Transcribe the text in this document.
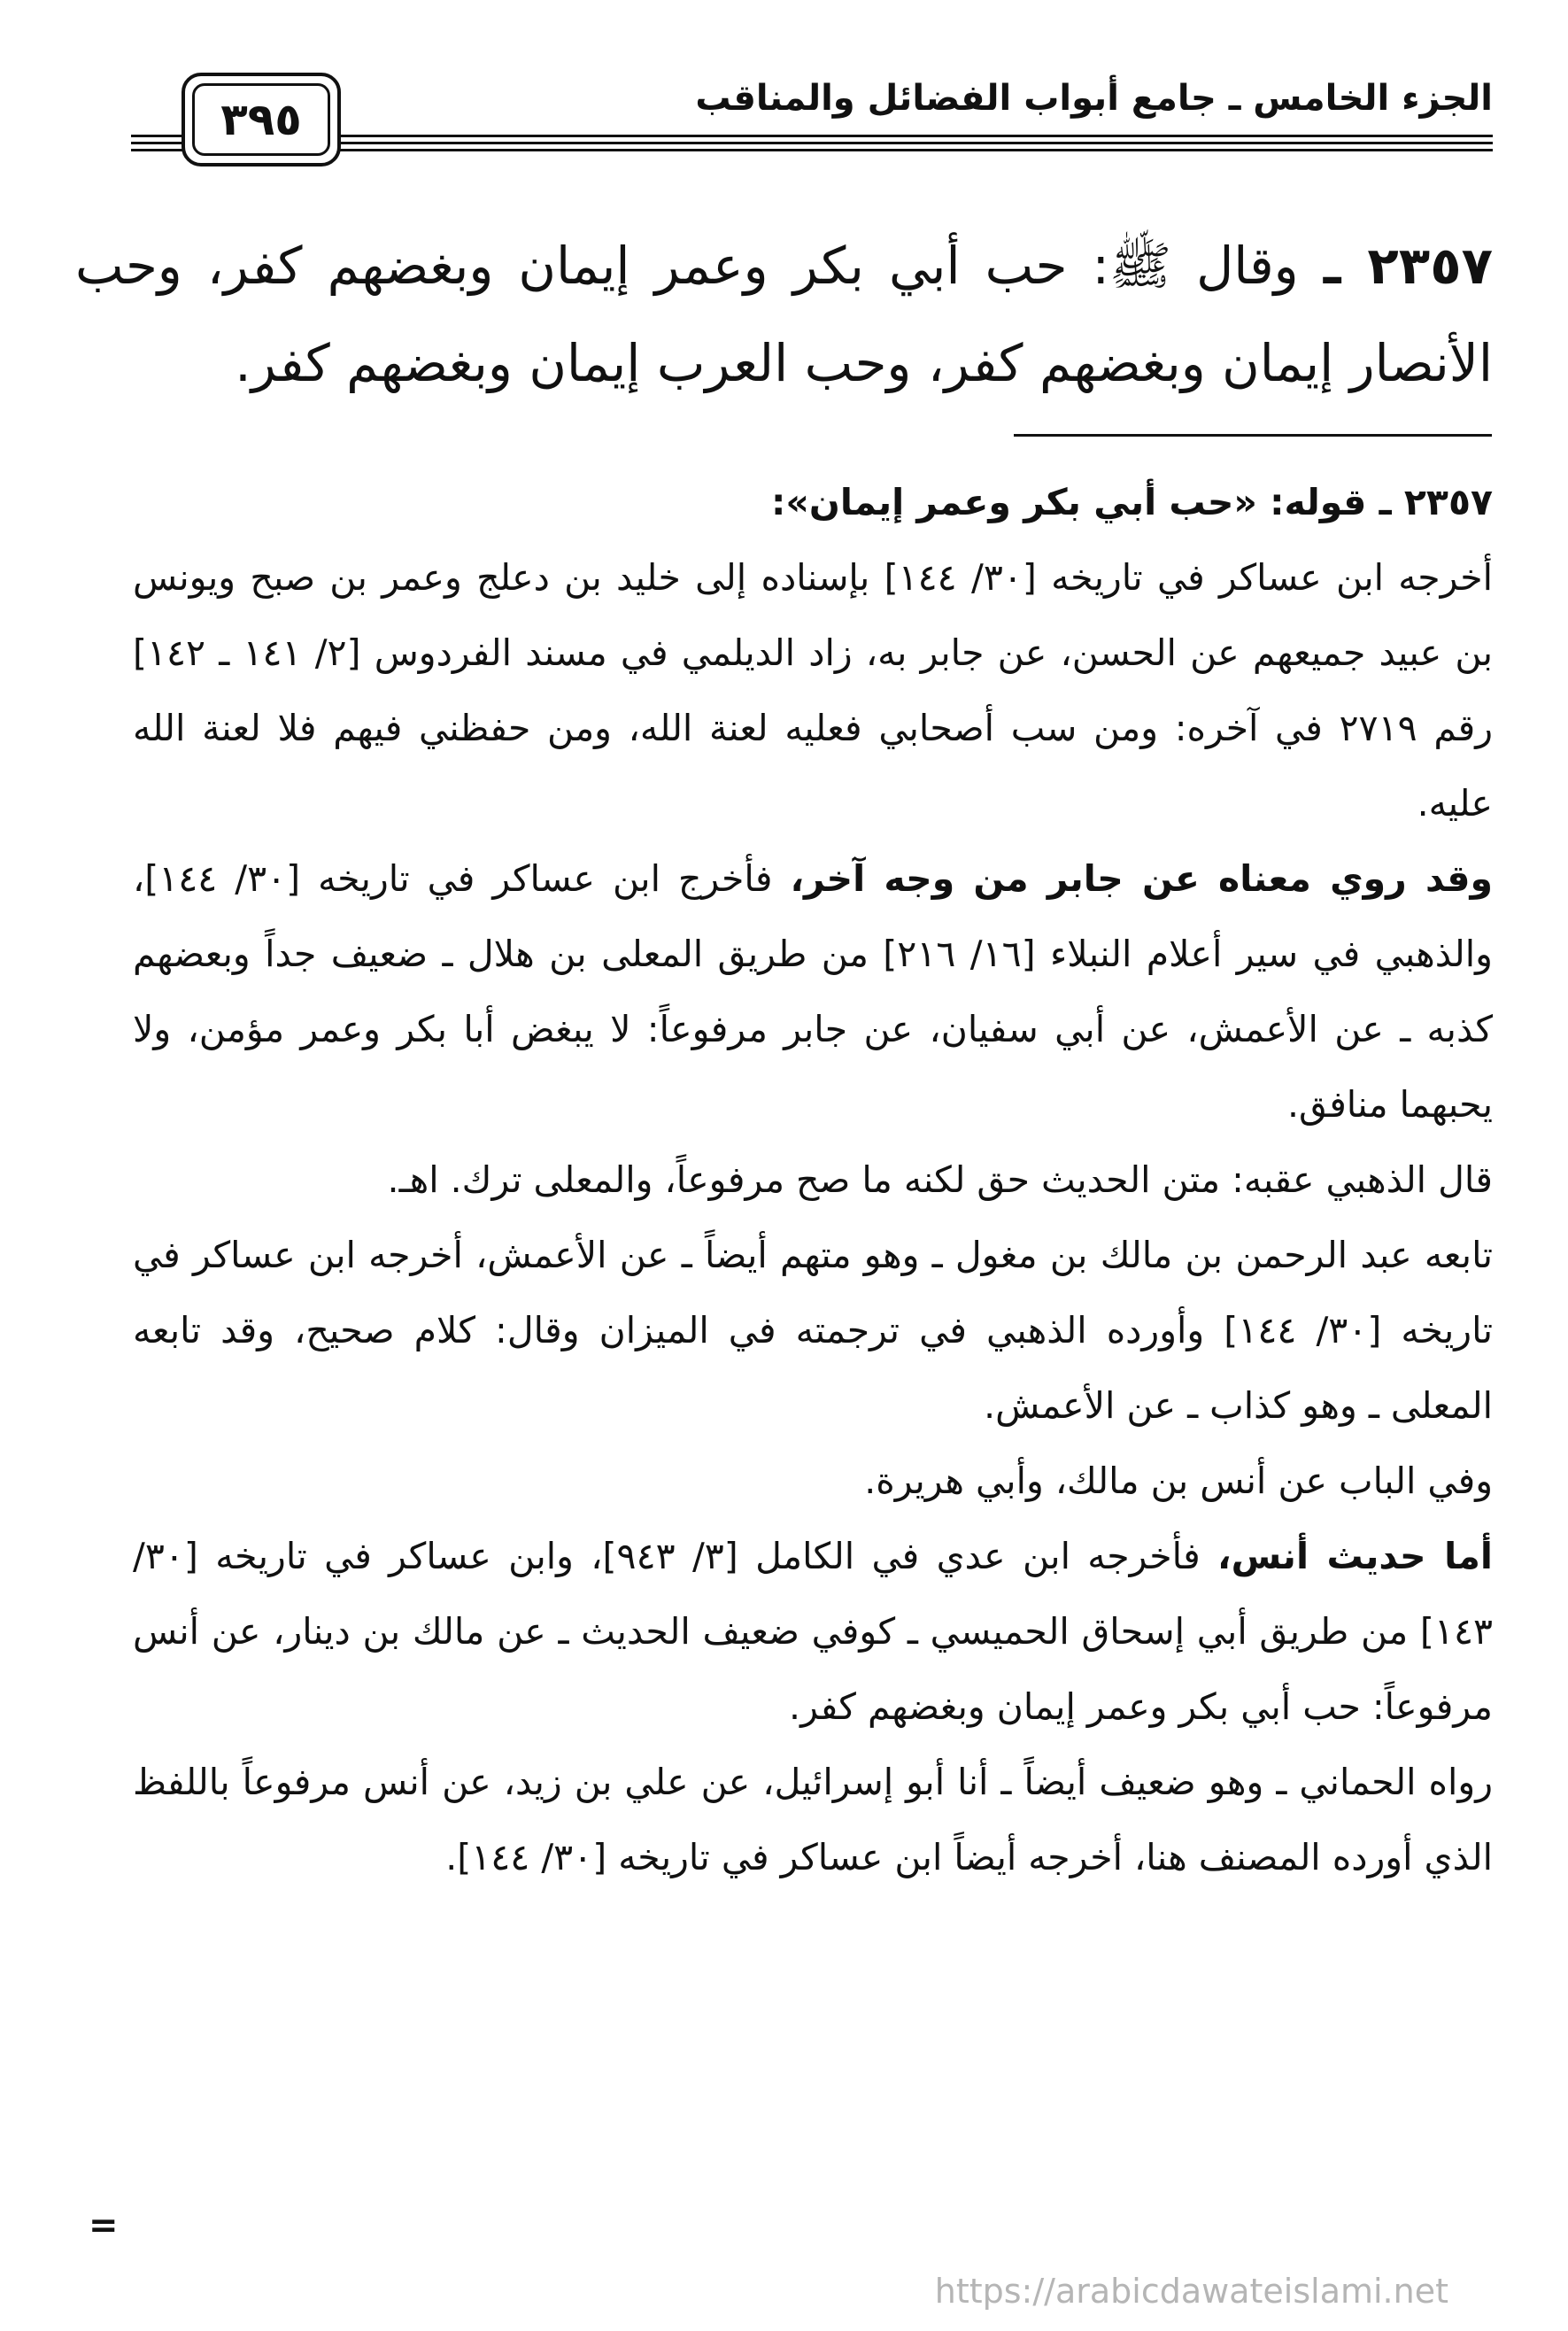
الجزء الخامس ـ جامع أبواب الفضائل والمناقب
٣٩٥
٢٣٥٧ ـ وقال ﷺ: حب أبي بكر وعمر إيمان وبغضهم كفر، وحب الأنصار إيمان وبغضهم كفر، وحب العرب إيمان وبغضهم كفر.

٢٣٥٧ ـ قوله: «حب أبي بكر وعمر إيمان»:

أخرجه ابن عساكر في تاريخه [٣٠/ ١٤٤] بإسناده إلى خليد بن دعلج وعمر بن صبح ويونس بن عبيد جميعهم عن الحسن، عن جابر به، زاد الديلمي في مسند الفردوس [٢/ ١٤١ ـ ١٤٢] رقم ٢٧١٩ في آخره: ومن سب أصحابي فعليه لعنة الله، ومن حفظني فيهم فلا لعنة الله عليه.

وقد روي معناه عن جابر من وجه آخر، فأخرج ابن عساكر في تاريخه [٣٠/ ١٤٤]، والذهبي في سير أعلام النبلاء [١٦/ ٢١٦] من طريق المعلى بن هلال ـ ضعيف جداً وبعضهم كذبه ـ عن الأعمش، عن أبي سفيان، عن جابر مرفوعاً: لا يبغض أبا بكر وعمر مؤمن، ولا يحبهما منافق.

قال الذهبي عقبه: متن الحديث حق لكنه ما صح مرفوعاً، والمعلى ترك. اهـ.

تابعه عبد الرحمن بن مالك بن مغول ـ وهو متهم أيضاً ـ عن الأعمش، أخرجه ابن عساكر في تاريخه [٣٠/ ١٤٤] وأورده الذهبي في ترجمته في الميزان وقال: كلام صحيح، وقد تابعه المعلى ـ وهو كذاب ـ عن الأعمش.

وفي الباب عن أنس بن مالك، وأبي هريرة.

أما حديث أنس، فأخرجه ابن عدي في الكامل [٣/ ٩٤٣]، وابن عساكر في تاريخه [٣٠/ ١٤٣] من طريق أبي إسحاق الحميسي ـ كوفي ضعيف الحديث ـ عن مالك بن دينار، عن أنس مرفوعاً: حب أبي بكر وعمر إيمان وبغضهم كفر.

رواه الحماني ـ وهو ضعيف أيضاً ـ أنا أبو إسرائيل، عن علي بن زيد، عن أنس مرفوعاً باللفظ الذي أورده المصنف هنا، أخرجه أيضاً ابن عساكر في تاريخه [٣٠/ ١٤٤].

=
https://arabicdawateislami.net
